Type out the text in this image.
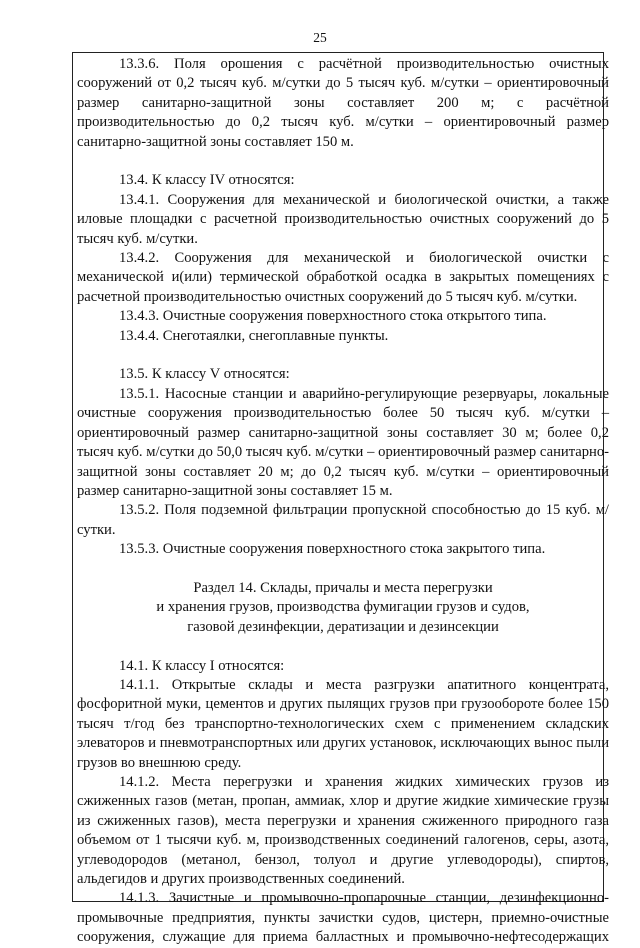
25

13.3.6. Поля орошения с расчётной производительностью очистных сооружений от 0,2 тысяч куб. м/сутки до 5 тысяч куб. м/сутки – ориентировочный размер санитарно-защитной зоны составляет 200 м; с расчётной производительностью до 0,2 тысяч куб. м/сутки – ориентировочный размер санитарно-защитной зоны составляет 150 м.

13.4. К классу IV относятся:

13.4.1. Сооружения для механической и биологической очистки, а также иловые площадки с расчетной производительностью очистных сооружений до 5 тысяч куб. м/сутки.

13.4.2. Сооружения для механической и биологической очистки с механической и(или) термической обработкой осадка в закрытых помещениях с расчетной производительностью очистных сооружений до 5 тысяч куб. м/сутки.

13.4.3. Очистные сооружения поверхностного стока открытого типа.

13.4.4. Снеготаялки, снегоплавные пункты.

13.5. К классу V относятся:

13.5.1. Насосные станции и аварийно-регулирующие резервуары, локальные очистные сооружения производительностью более 50 тысяч куб. м/сутки – ориентировочный размер санитарно-защитной зоны составляет 30 м; более 0,2 тысяч куб. м/сутки до 50,0 тысяч куб. м/сутки – ориентировочный размер санитарно-защитной зоны составляет 20 м; до 0,2 тысяч куб. м/сутки – ориентировочный размер санитарно-защитной зоны составляет 15 м.

13.5.2. Поля подземной фильтрации пропускной способностью до 15 куб. м/сутки.

13.5.3. Очистные сооружения поверхностного стока закрытого типа.

Раздел 14. Склады, причалы и места перегрузки

и хранения грузов, производства фумигации грузов и судов,

газовой дезинфекции, дератизации и дезинсекции

14.1. К классу I относятся:

14.1.1. Открытые склады и места разгрузки апатитного концентрата, фосфоритной муки, цементов и других пылящих грузов при грузообороте более 150 тысяч т/год без транспортно-технологических схем с применением складских элеваторов и пневмотранспортных или других установок, исключающих вынос пыли грузов во внешнюю среду.

14.1.2. Места перегрузки и хранения жидких химических грузов из сжиженных газов (метан, пропан, аммиак, хлор и другие жидкие химические грузы из сжиженных газов), места перегрузки и хранения сжиженного природного газа объемом от 1 тысячи куб. м, производственных соединений галогенов, серы, азота, углеводородов (метанол, бензол, толуол и другие углеводороды), спиртов, альдегидов и других производственных соединений.

14.1.3. Зачистные и промывочно-пропарочные станции, дезинфекционно-промывочные предприятия, пункты зачистки судов, цистерн, приемно-очистные сооружения, служащие для приема балластных и промывочно-нефтесодержащих
